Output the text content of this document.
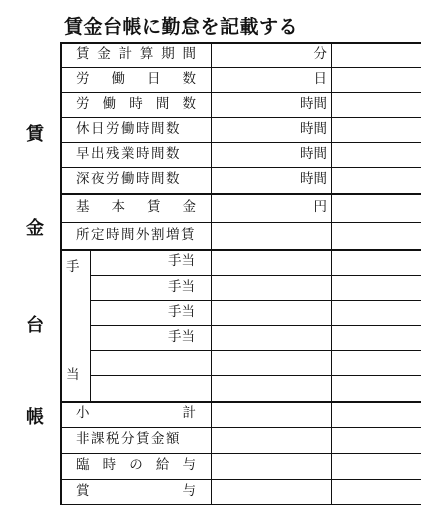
賃金台帳に勤怠を記載する
賃
金
台
帳
賃 金 計 算 期 間	分
労 働 日 数	日
労 働 時 間 数	時間
休日労働時間数	時間
早出残業時間数	時間
深夜労働時間数	時間
基 本 賃 金	円
所定時間外割増賃
手
当
手当
手当
手当
手当
小	計
非課税分賃金額
臨 時 の 給 与
賞	与
